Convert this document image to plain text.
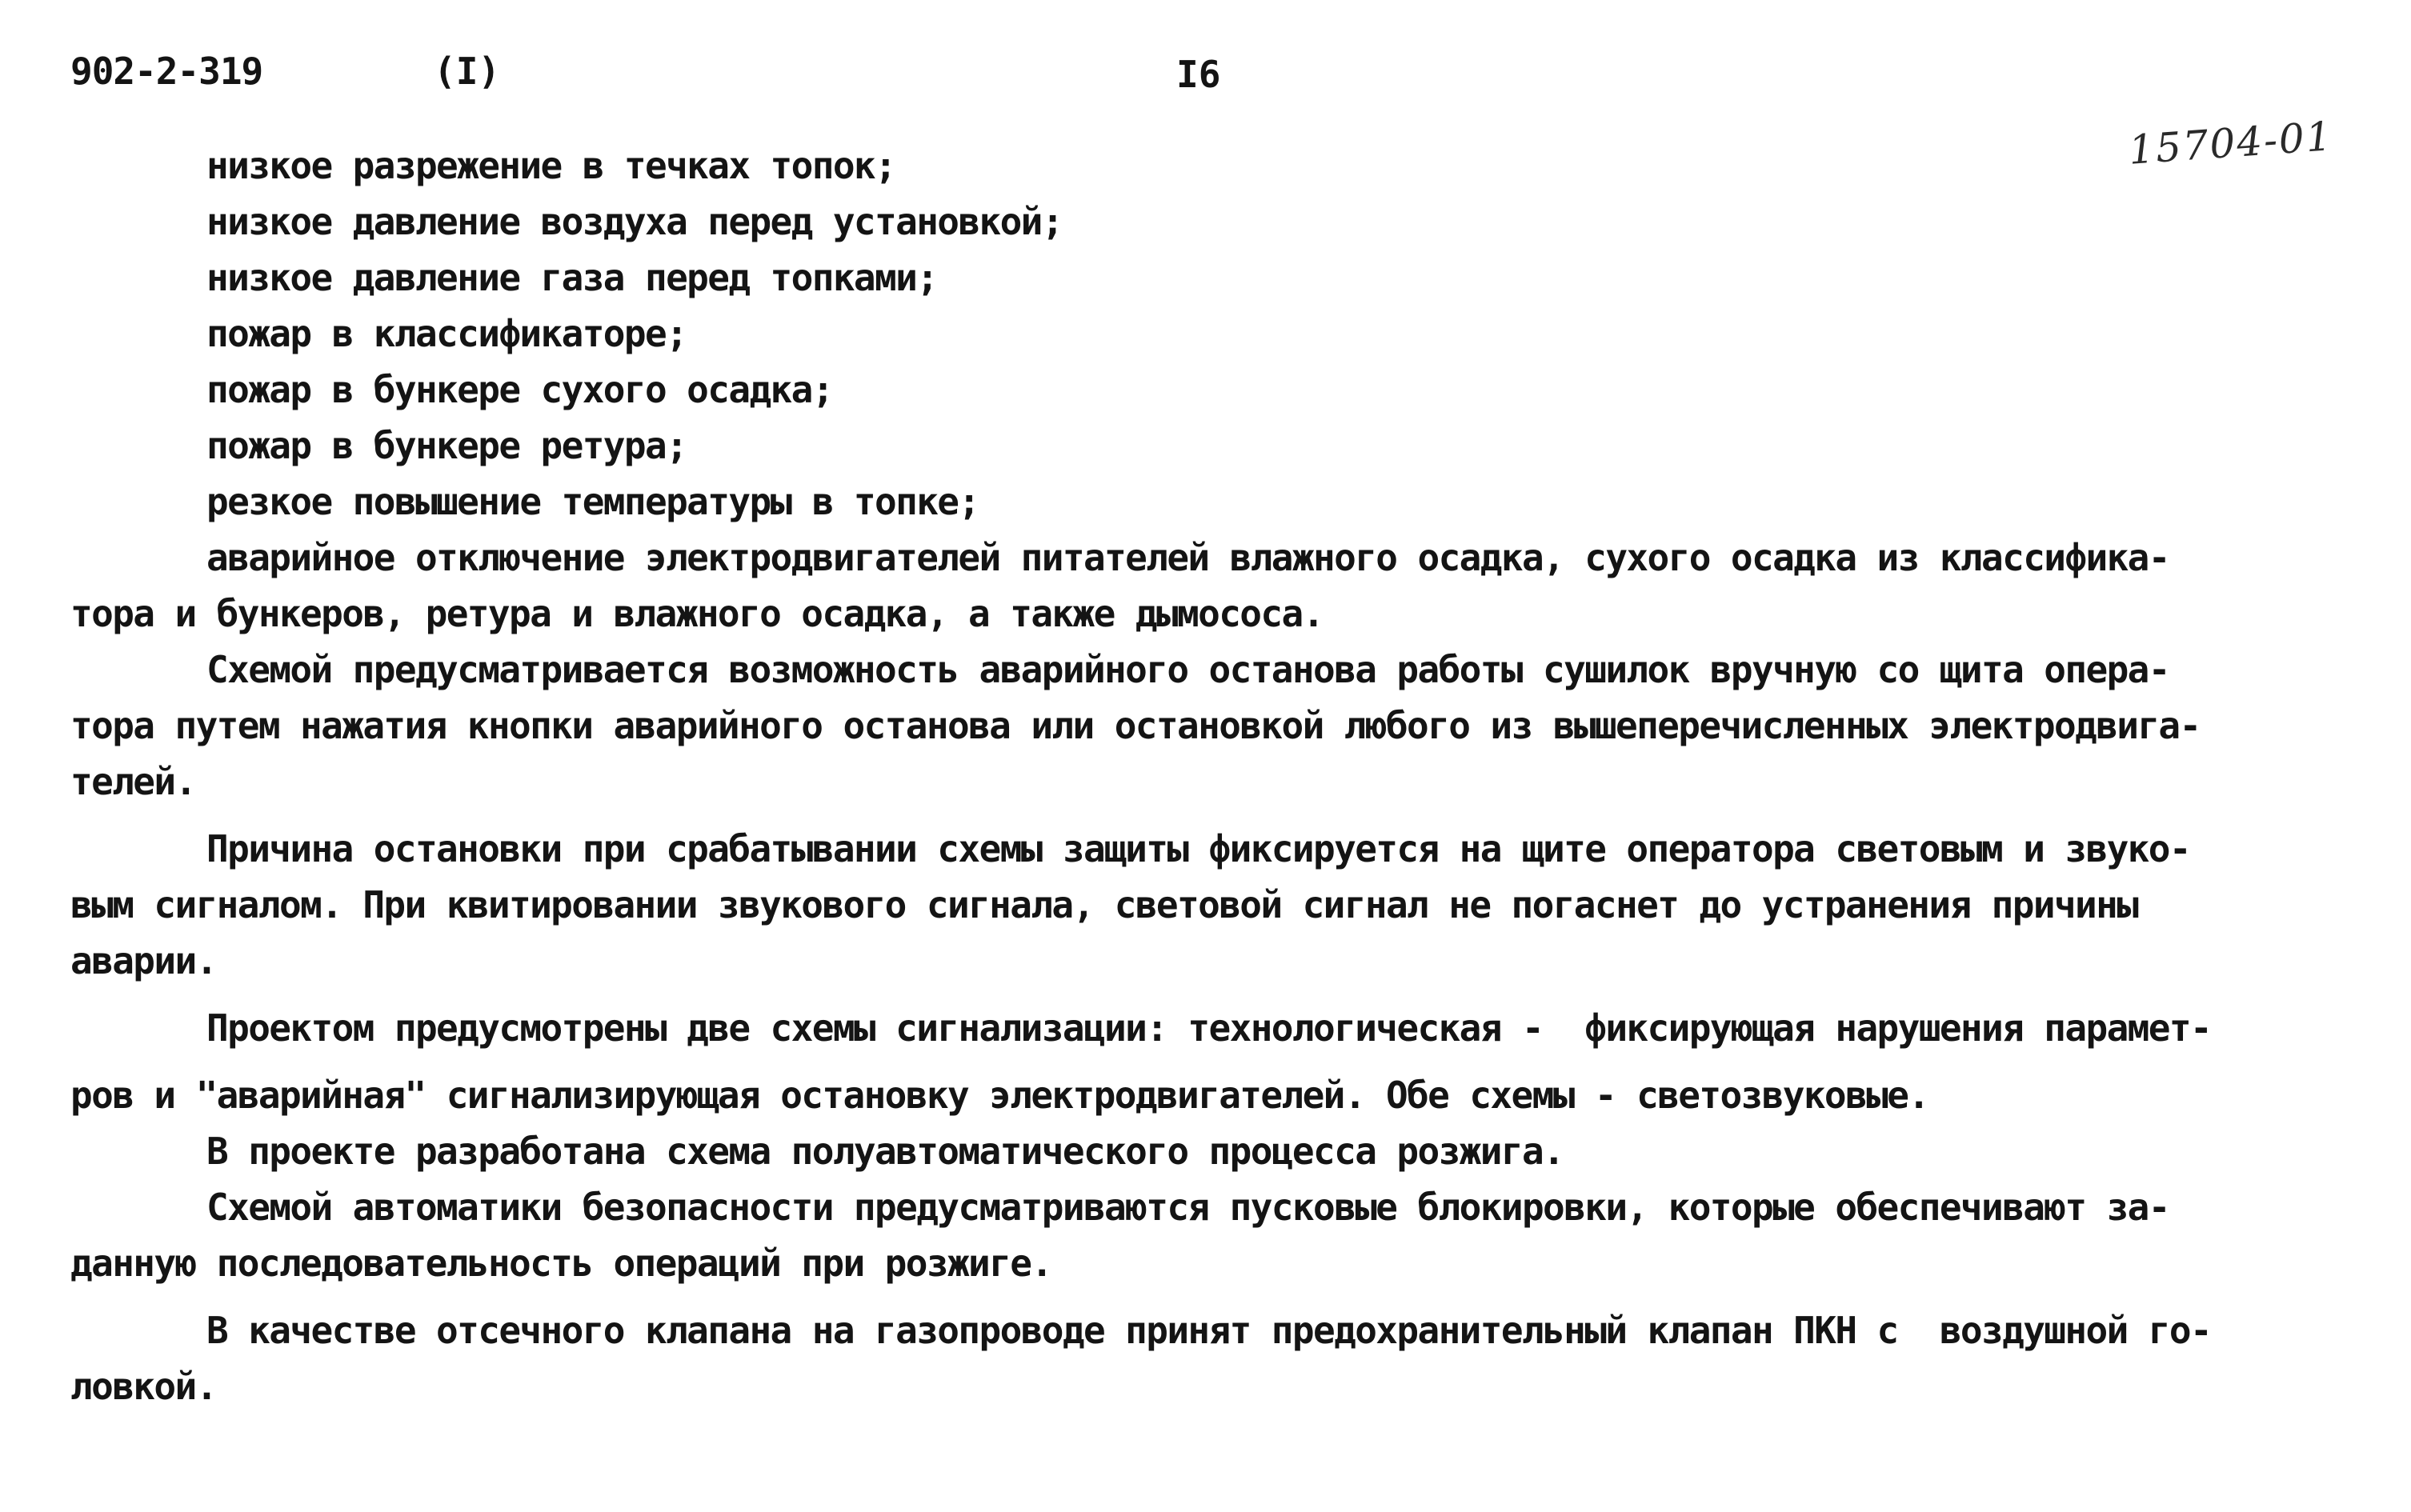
902-2-319	(I)	I6
15704-01
низкое разрежение в течках топок;
низкое давление воздуха перед установкой;
низкое давление газа перед топками;
пожар в классификаторе;
пожар в бункере сухого осадка;
пожар в бункере ретура;
резкое повышение температуры в топке;
аварийное отключение электродвигателей питателей влажного осадка, сухого осадка из классифика-
тора и бункеров, ретура и влажного осадка, а также дымососа.
Схемой предусматривается возможность аварийного останова работы сушилок вручную со щита опера-
тора путем нажатия кнопки аварийного останова или остановкой любого из вышеперечисленных электродвига-
телей.
Причина остановки при срабатывании схемы защиты фиксируется на щите оператора световым и звуко-
вым сигналом. При квитировании звукового сигнала, световой сигнал не погаснет до устранения причины
аварии.
Проектом предусмотрены две схемы сигнализации: технологическая -  фиксирующая нарушения парамет-
ров и "аварийная" сигнализирующая остановку электродвигателей. Обе схемы - светозвуковые.
В проекте разработана схема полуавтоматического процесса розжига.
Схемой автоматики безопасности предусматриваются пусковые блокировки, которые обеспечивают за-
данную последовательность операций при розжиге.
В качестве отсечного клапана на газопроводе принят предохранительный клапан ПКН с  воздушной го-
ловкой.
